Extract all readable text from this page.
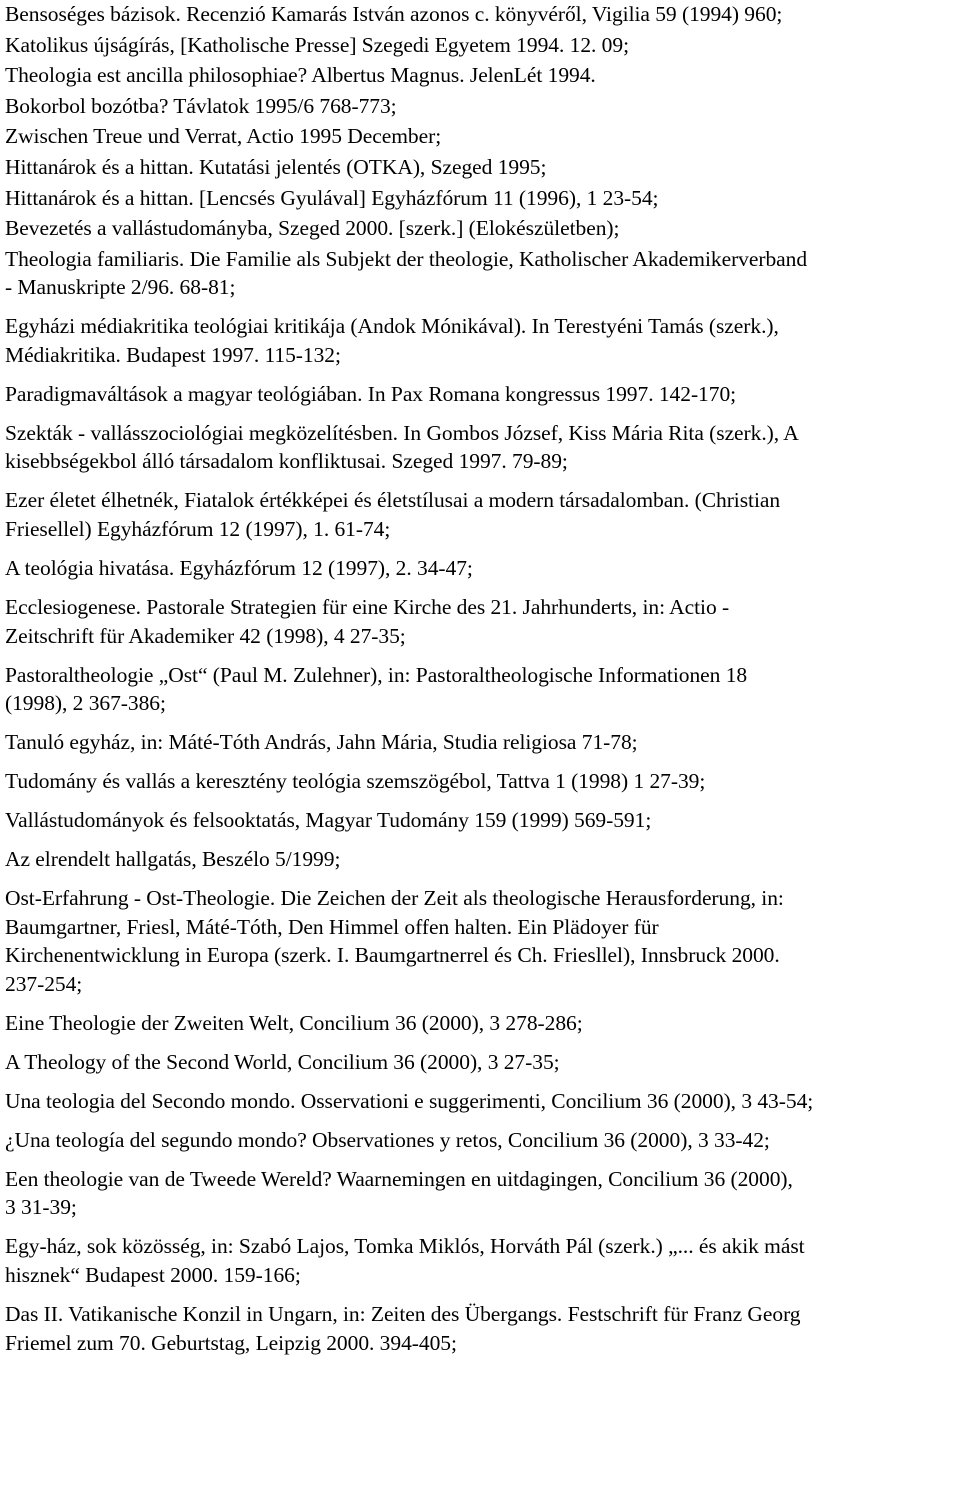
Bensoséges bázisok. Recenzió Kamarás István azonos c. könyvéről, Vigilia 59 (1994) 960;

Katolikus újságírás, [Katholische Presse] Szegedi Egyetem 1994. 12. 09;

Theologia est ancilla philosophiae? Albertus Magnus. JelenLét 1994.

Bokorbol bozótba? Távlatok 1995/6 768-773;

Zwischen Treue und Verrat, Actio 1995 December;

Hittanárok és a hittan. Kutatási jelentés (OTKA), Szeged 1995;

Hittanárok és a hittan. [Lencsés Gyulával] Egyházfórum 11 (1996), 1 23-54;

Bevezetés a vallástudományba, Szeged 2000. [szerk.] (Elokészületben);

Theologia familiaris. Die Familie als Subjekt der theologie, Katholischer Akademikerverband
- Manuskripte 2/96. 68-81;

Egyházi médiakritika teológiai kritikája (Andok Mónikával). In Terestyéni Tamás (szerk.),
Médiakritika. Budapest 1997. 115-132;

Paradigmaváltások a magyar teológiában. In Pax Romana kongressus 1997. 142-170;

Szekták - vallásszociológiai megközelítésben. In Gombos József, Kiss Mária Rita (szerk.), A
kisebbségekbol álló társadalom konfliktusai. Szeged 1997. 79-89;

Ezer életet élhetnék, Fiatalok értékképei és életstílusai a modern társadalomban. (Christian
Friesellel) Egyházfórum 12 (1997), 1. 61-74;

A teológia hivatása. Egyházfórum 12 (1997), 2. 34-47;

Ecclesiogenese. Pastorale Strategien für eine Kirche des 21. Jahrhunderts, in: Actio -
Zeitschrift für Akademiker 42 (1998), 4 27-35;

Pastoraltheologie „Ost“ (Paul M. Zulehner), in: Pastoraltheologische Informationen 18
(1998), 2 367-386;

Tanuló egyház, in: Máté-Tóth András, Jahn Mária, Studia religiosa 71-78;

Tudomány és vallás a keresztény teológia szemszögébol, Tattva 1 (1998) 1 27-39;

Vallástudományok és felsooktatás, Magyar Tudomány 159 (1999) 569-591;

Az elrendelt hallgatás, Beszélo 5/1999;

Ost-Erfahrung - Ost-Theologie. Die Zeichen der Zeit als theologische Herausforderung, in:
Baumgartner, Friesl, Máté-Tóth, Den Himmel offen halten. Ein Plädoyer für
Kirchenentwicklung in Europa (szerk. I. Baumgartnerrel és Ch. Friesllel), Innsbruck 2000.
237-254;

Eine Theologie der Zweiten Welt, Concilium 36 (2000), 3 278-286;

A Theology of the Second World, Concilium 36 (2000), 3 27-35;

Una teologia del Secondo mondo. Osservationi e suggerimenti, Concilium 36 (2000), 3 43-54;

¿Una teología del segundo mondo? Observationes y retos, Concilium 36 (2000), 3 33-42;

Een theologie van de Tweede Wereld? Waarnemingen en uitdagingen, Concilium 36 (2000),
3 31-39;

Egy-ház, sok közösség, in: Szabó Lajos, Tomka Miklós, Horváth Pál (szerk.) „... és akik mást
hisznek“ Budapest 2000. 159-166;

Das II. Vatikanische Konzil in Ungarn, in: Zeiten des Übergangs. Festschrift für Franz Georg
Friemel zum 70. Geburtstag, Leipzig 2000. 394-405;
